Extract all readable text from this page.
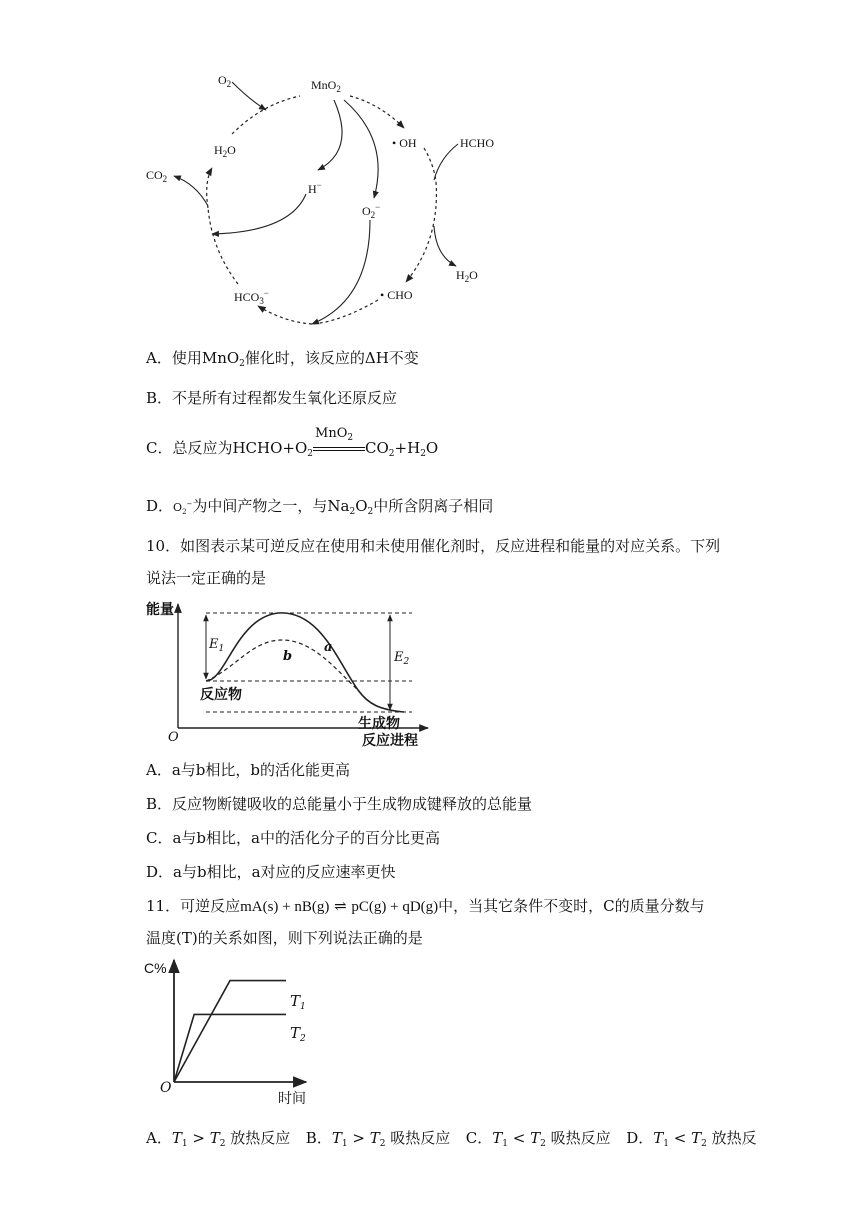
$O_2$	MnO$_2$
• OH	HCHO
$H_2O$
$CO_2$
H−
$O_2^-$
$H_2O$
$HCO_3^-$	• CHO
A．使用MnO$_2$催化时，该反应的ΔH不变
B．不是所有过程都发生氧化还原反应
C．总反应为$HCHO+O_2$
MnO$_2$
$CO_2+H_2O$
D．$O_2^-$为中间产物之一，与$Na_2O_2$中所含阴离子相同
10．如图表示某可逆反应在使用和未使用催化剂时，反应进程和能量的对应关系。下列
说法一定正确的是
能量
O	反应进程
$E_1$
$E_2$
a
b
反应物
生成物
A．a与b相比，b的活化能更高
B．反应物断键吸收的总能量小于生成物成键释放的总能量
C．a与b相比，a中的活化分子的百分比更高
D．a与b相比，a对应的反应速率更快
11．可逆反应mA(s) + nB(g) ⇌ pC(g) + qD(g)中，当其它条件不变时，C的质量分数与
温度(T)的关系如图，则下列说法正确的是
C%
O
时间
$T_1$
$T_2$
A．$T_1 > T_2$ 放热反应 B．$T_1 > T_2$ 吸热反应 C．$T_1 < T_2$ 吸热反应 D．$T_1 < T_2$ 放热反
